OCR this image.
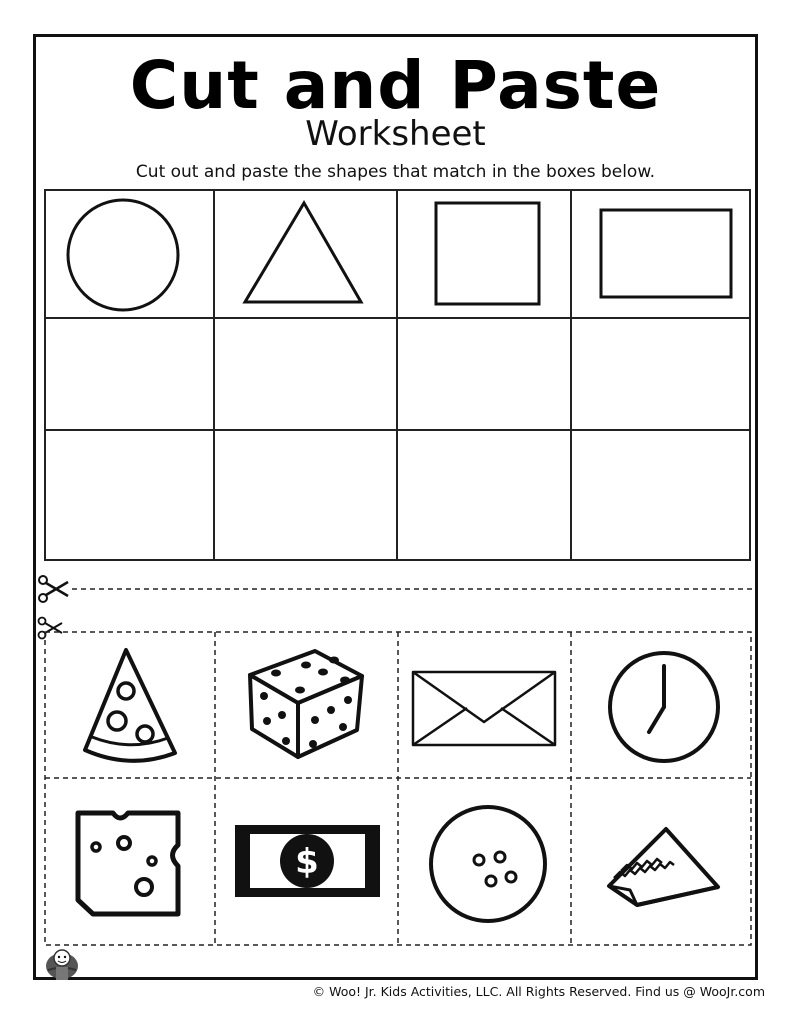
Cut and Paste
Worksheet
Cut out and paste the shapes that match in the boxes below.
$
© Woo! Jr. Kids Activities, LLC. All Rights Reserved. Find us @ WooJr.com
